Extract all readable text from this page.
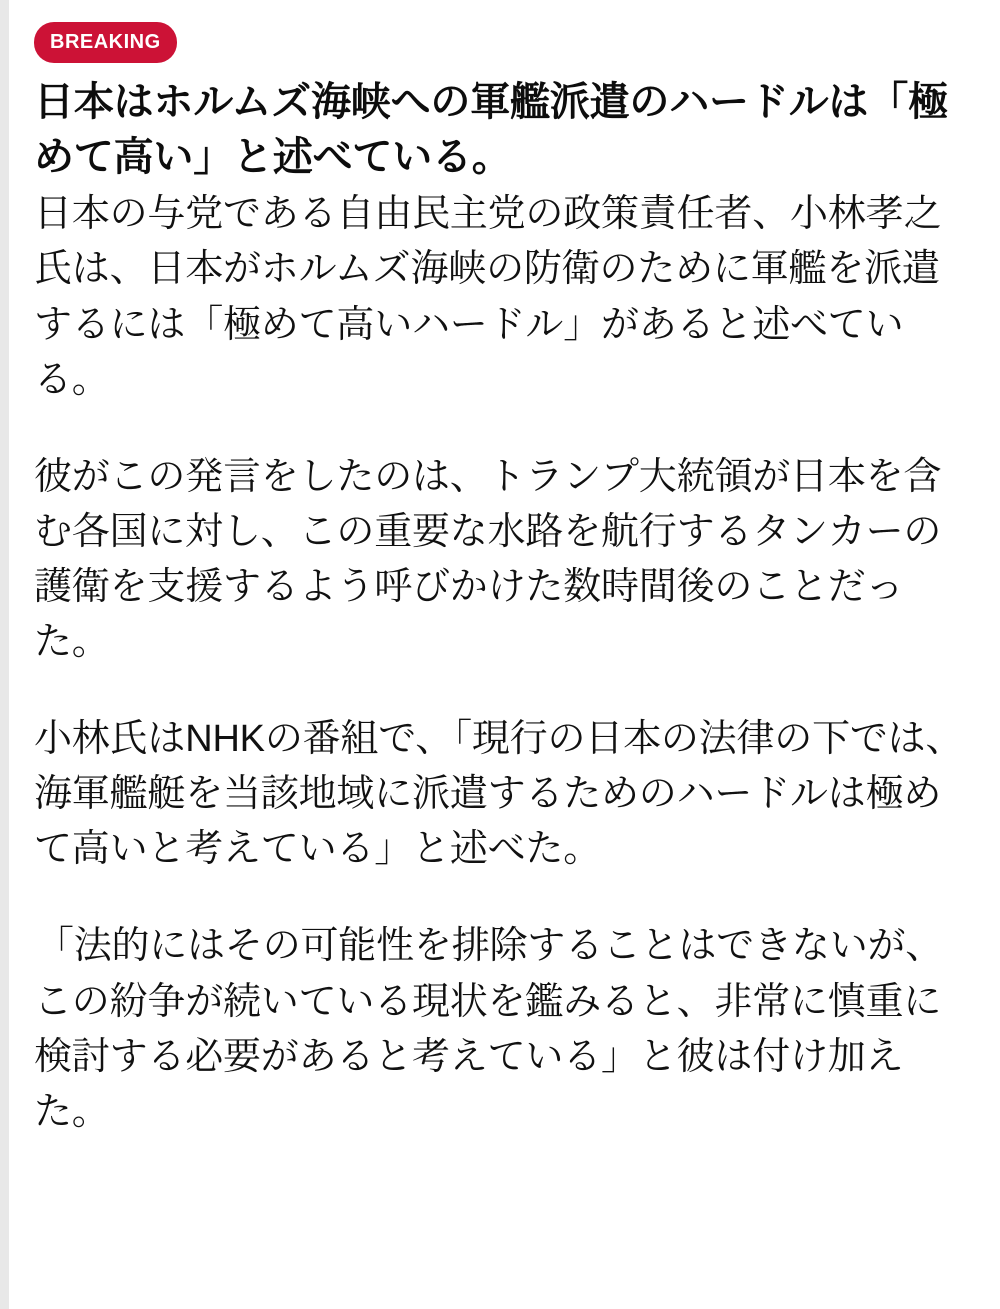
BREAKING
日本はホルムズ海峡への軍艦派遣のハードルは「極めて高い」と述べている。

日本の与党である自由民主党の政策責任者、小林孝之氏は、日本がホルムズ海峡の防衛のために軍艦を派遣するには「極めて高いハードル」があると述べている。

彼がこの発言をしたのは、トランプ大統領が日本を含む各国に対し、この重要な水路を航行するタンカーの護衛を支援するよう呼びかけた数時間後のことだった。

小林氏はNHKの番組で、「現行の日本の法律の下では、海軍艦艇を当該地域に派遣するためのハードルは極めて高いと考えている」と述べた。

「法的にはその可能性を排除することはできないが、この紛争が続いている現状を鑑みると、非常に慎重に検討する必要があると考えている」と彼は付け加えた。
